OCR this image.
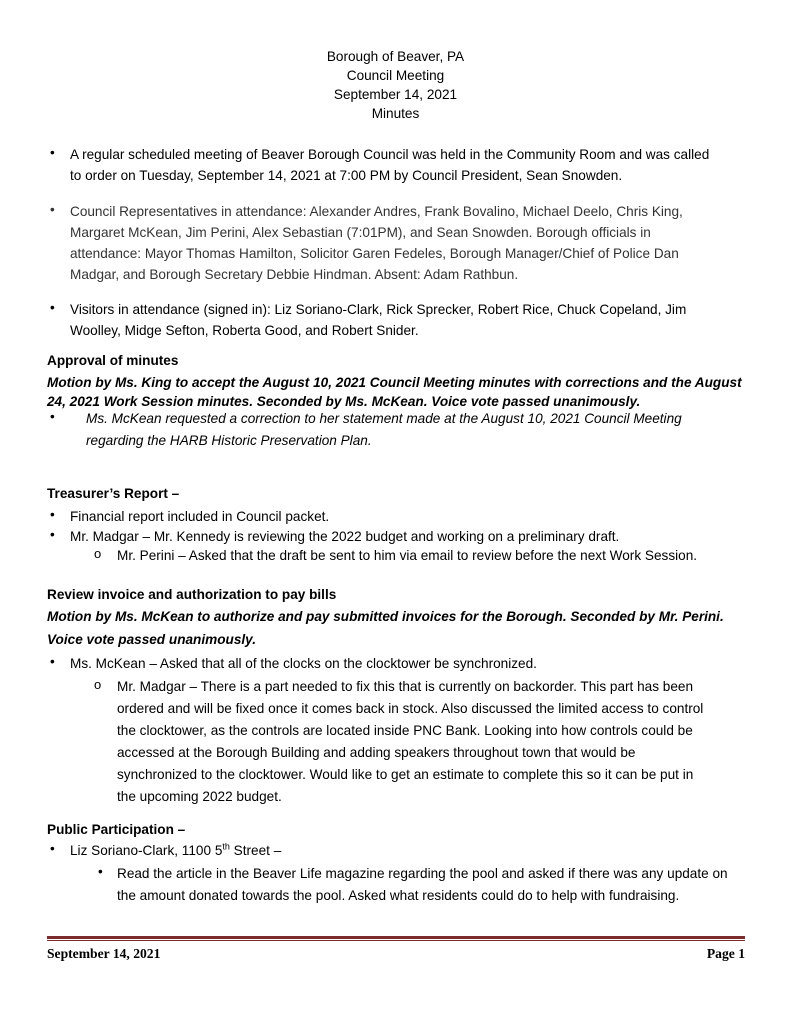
Borough of Beaver, PA
Council Meeting
September 14, 2021
Minutes
• A regular scheduled meeting of Beaver Borough Council was held in the Community Room and was called
to order on Tuesday, September 14, 2021 at 7:00 PM by Council President, Sean Snowden.
• Council Representatives in attendance: Alexander Andres, Frank Bovalino, Michael Deelo, Chris King,
Margaret McKean, Jim Perini, Alex Sebastian (7:01PM), and Sean Snowden. Borough officials in
attendance: Mayor Thomas Hamilton, Solicitor Garen Fedeles, Borough Manager/Chief of Police Dan
Madgar, and Borough Secretary Debbie Hindman. Absent: Adam Rathbun.
• Visitors in attendance (signed in): Liz Soriano-Clark, Rick Sprecker, Robert Rice, Chuck Copeland, Jim
Woolley, Midge Sefton, Roberta Good, and Robert Snider.
Approval of minutes
Motion by Ms. King to accept the August 10, 2021 Council Meeting minutes with corrections and the August
24, 2021 Work Session minutes. Seconded by Ms. McKean. Voice vote passed unanimously.
• Ms. McKean requested a correction to her statement made at the August 10, 2021 Council Meeting
regarding the HARB Historic Preservation Plan.
Treasurer’s Report –
• Financial report included in Council packet.
• Mr. Madgar – Mr. Kennedy is reviewing the 2022 budget and working on a preliminary draft.
o Mr. Perini – Asked that the draft be sent to him via email to review before the next Work Session.
Review invoice and authorization to pay bills
Motion by Ms. McKean to authorize and pay submitted invoices for the Borough. Seconded by Mr. Perini.
Voice vote passed unanimously.
• Ms. McKean – Asked that all of the clocks on the clocktower be synchronized.
o Mr. Madgar – There is a part needed to fix this that is currently on backorder. This part has been
ordered and will be fixed once it comes back in stock. Also discussed the limited access to control
the clocktower, as the controls are located inside PNC Bank. Looking into how controls could be
accessed at the Borough Building and adding speakers throughout town that would be
synchronized to the clocktower. Would like to get an estimate to complete this so it can be put in
the upcoming 2022 budget.
Public Participation –
• Liz Soriano-Clark, 1100 5th Street –
• Read the article in the Beaver Life magazine regarding the pool and asked if there was any update on
the amount donated towards the pool. Asked what residents could do to help with fundraising.
September 14, 2021	Page 1
